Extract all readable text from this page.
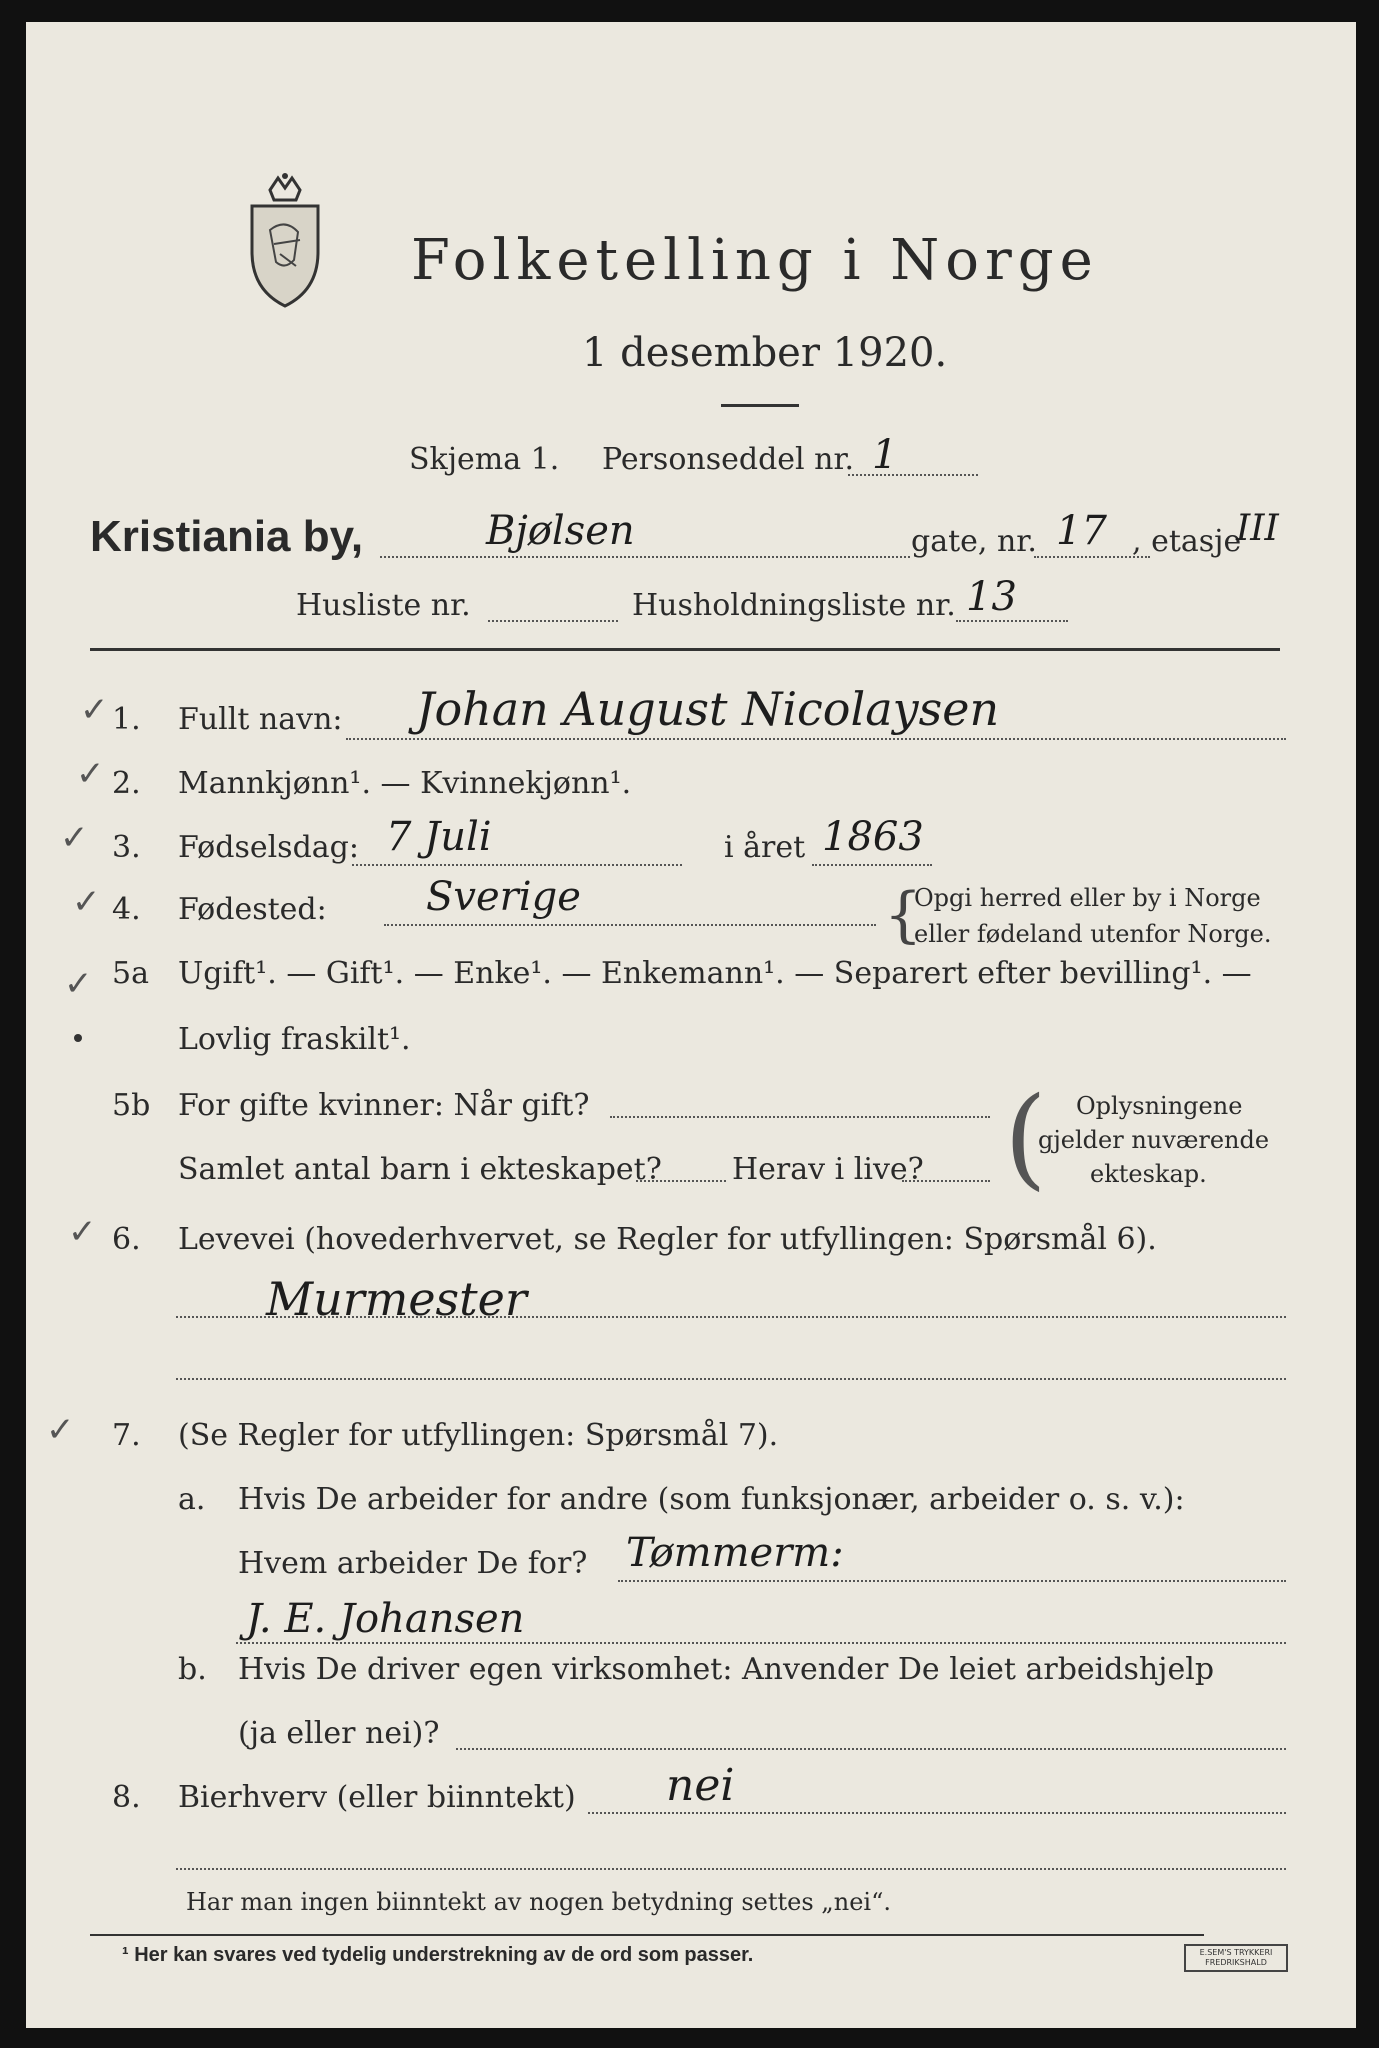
Folketelling i Norge
1 desember 1920.
Skjema 1. Personseddel nr. 1
Kristiania by,	Bjølsen	gate, nr. 17 , etasje
III
Husliste nr.	Husholdningsliste nr. 13
✓
✓
✓
✓
✓
✓
✓
1. Fullt navn: Johan August Nicolaysen
2. Mannkjønn¹. — Kvinnekjønn¹.
3. Fødselsdag: 7 Juli	i året 1863
4. Fødested: Sverige	{
Opgi herred eller by i Norge
eller fødeland utenfor Norge.
5a Ugift¹. — Gift¹. — Enke¹. — Enkemann¹. — Separert efter bevilling¹. —
Lovlig fraskilt¹.
5b For gifte kvinner: Når gift?
Samlet antal barn i ekteskapet? Herav i live? ( Oplysningene
gjelder nuværende
ekteskap.
6. Levevei (hovederhvervet, se Regler for utfyllingen: Spørsmål 6).
Murmester
7. (Se Regler for utfyllingen: Spørsmål 7).
a. Hvis De arbeider for andre (som funksjonær, arbeider o. s. v.):
Hvem arbeider De for? Tømmerm:
J. E. Johansen
b. Hvis De driver egen virksomhet: Anvender De leiet arbeidshjelp
(ja eller nei)?
8. Bierhverv (eller biinntekt) nei
Har man ingen biinntekt av nogen betydning settes „nei“.
¹ Her kan svares ved tydelig understrekning av de ord som passer.	E.SEM'S TRYKKERI FREDRIKSHALD
